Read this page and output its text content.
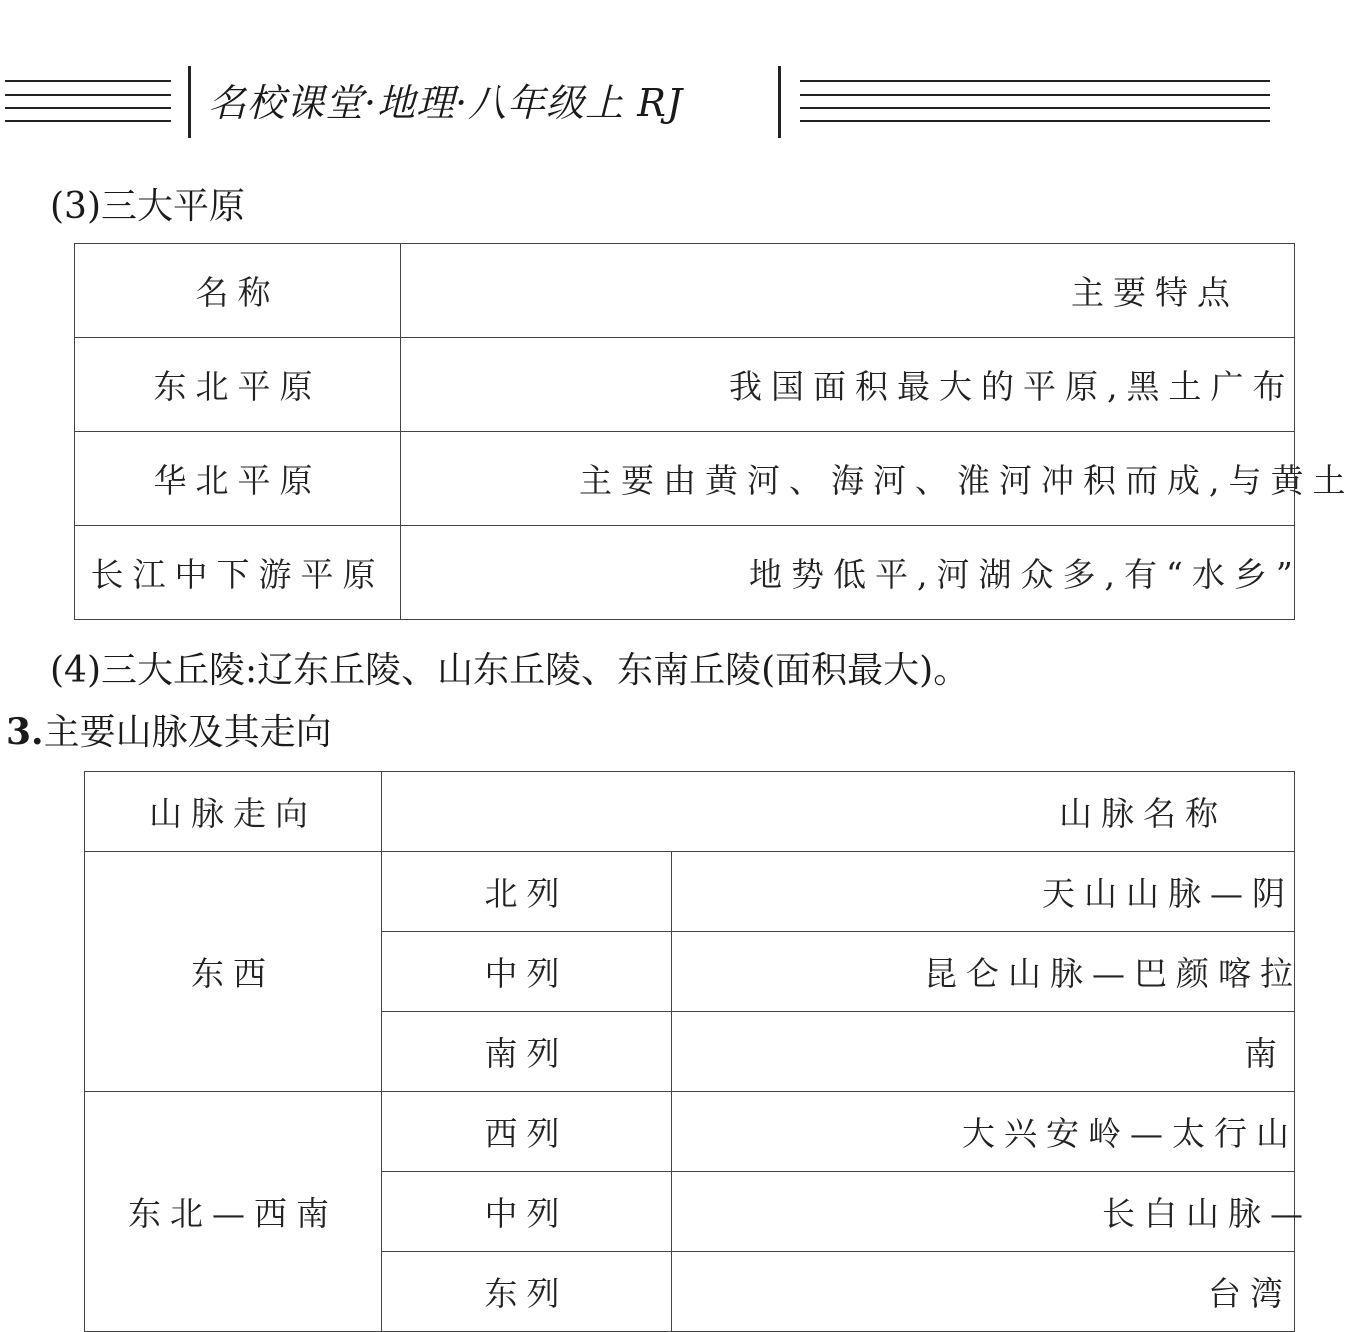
名校课堂·地理·八年级上 RJ
(3)三大平原
名称	主要特点
东北平原	我国面积最大的平原,黑土广布
华北平原	主要由黄河、海河、淮河冲积而成,与黄土
长江中下游平原	地势低平,河湖众多,有“水乡”
(4)三大丘陵:辽东丘陵、山东丘陵、东南丘陵(面积最大)。
3.主要山脉及其走向
山脉走向	山脉名称	
东西	北列	天山山脉—阴
	中列	昆仑山脉—巴颜喀拉
	南列	南
东北—西南	西列	大兴安岭—太行山
	中列	长白山脉—
	东列	台湾
